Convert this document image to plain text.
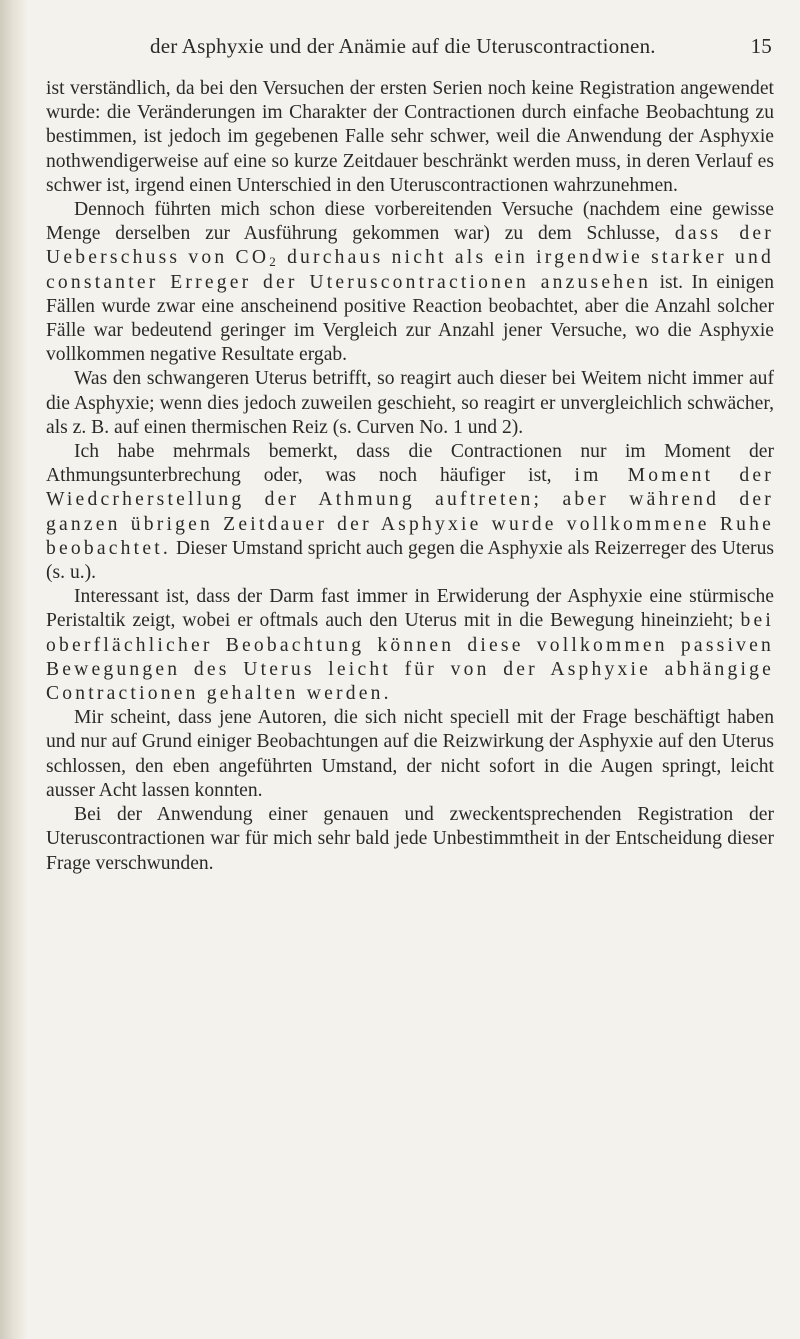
der Asphyxie und der Anämie auf die Uteruscontractionen.	15

ist verständlich, da bei den Versuchen der ersten Serien noch keine Registration angewendet wurde: die Veränderungen im Charakter der Contractionen durch einfache Beobachtung zu bestimmen, ist jedoch im gegebenen Falle sehr schwer, weil die Anwendung der Asphyxie nothwendigerweise auf eine so kurze Zeitdauer beschränkt werden muss, in deren Verlauf es schwer ist, irgend einen Unterschied in den Uteruscontractionen wahrzunehmen.

Dennoch führten mich schon diese vorbereitenden Versuche (nachdem eine gewisse Menge derselben zur Ausführung gekommen war) zu dem Schlusse, dass der Ueberschuss von $CO_2$ durchaus nicht als ein irgendwie starker und constanter Erreger der Uteruscontractionen anzusehen ist. In einigen Fällen wurde zwar eine anscheinend positive Reaction beobachtet, aber die Anzahl solcher Fälle war bedeutend geringer im Vergleich zur Anzahl jener Versuche, wo die Asphyxie vollkommen negative Resultate ergab.

Was den schwangeren Uterus betrifft, so reagirt auch dieser bei Weitem nicht immer auf die Asphyxie; wenn dies jedoch zuweilen geschieht, so reagirt er unvergleichlich schwächer, als z. B. auf einen thermischen Reiz (s. Curven No. 1 und 2).

Ich habe mehrmals bemerkt, dass die Contractionen nur im Moment der Athmungsunterbrechung oder, was noch häufiger ist, im Moment der Wiedcrherstellung der Athmung auftreten; aber während der ganzen übrigen Zeitdauer der Asphyxie wurde vollkommene Ruhe beobachtet. Dieser Umstand spricht auch gegen die Asphyxie als Reizerreger des Uterus (s. u.).

Interessant ist, dass der Darm fast immer in Erwiderung der Asphyxie eine stürmische Peristaltik zeigt, wobei er oftmals auch den Uterus mit in die Bewegung hineinzieht; bei oberflächlicher Beobachtung können diese vollkommen passiven Bewegungen des Uterus leicht für von der Asphyxie abhängige Contractionen gehalten werden.

Mir scheint, dass jene Autoren, die sich nicht speciell mit der Frage beschäftigt haben und nur auf Grund einiger Beobachtungen auf die Reizwirkung der Asphyxie auf den Uterus schlossen, den eben angeführten Umstand, der nicht sofort in die Augen springt, leicht ausser Acht lassen konnten.

Bei der Anwendung einer genauen und zweckentsprechenden Registration der Uteruscontractionen war für mich sehr bald jede Unbestimmtheit in der Entscheidung dieser Frage verschwunden.
